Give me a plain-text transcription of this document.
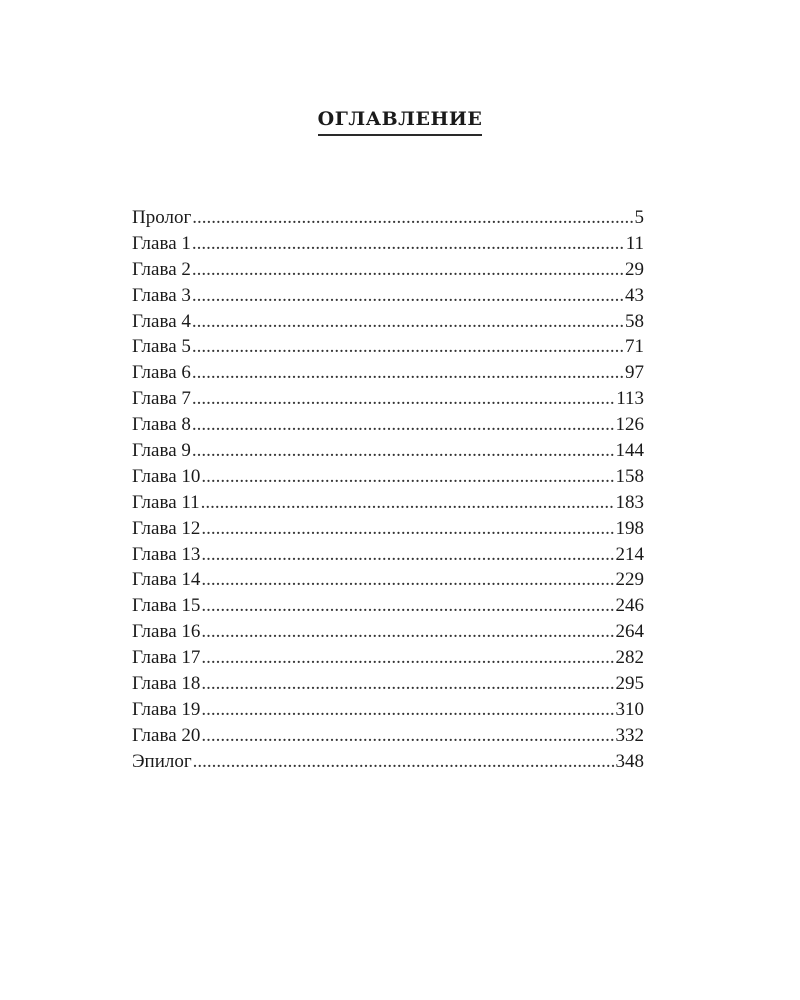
ОГЛАВЛЕНИЕ
Пролог .....	5
Глава 1 .....	11
Глава 2 .....	29
Глава 3 .....	43
Глава 4 .....	58
Глава 5 .....	71
Глава 6 .....	97
Глава 7 .....	113
Глава 8 .....	126
Глава 9 .....	144
Глава 10 .....	158
Глава 11 .....	183
Глава 12 .....	198
Глава 13 .....	214
Глава 14 .....	229
Глава 15 .....	246
Глава 16 .....	264
Глава 17 .....	282
Глава 18 .....	295
Глава 19 .....	310
Глава 20 .....	332
Эпилог .....	348
